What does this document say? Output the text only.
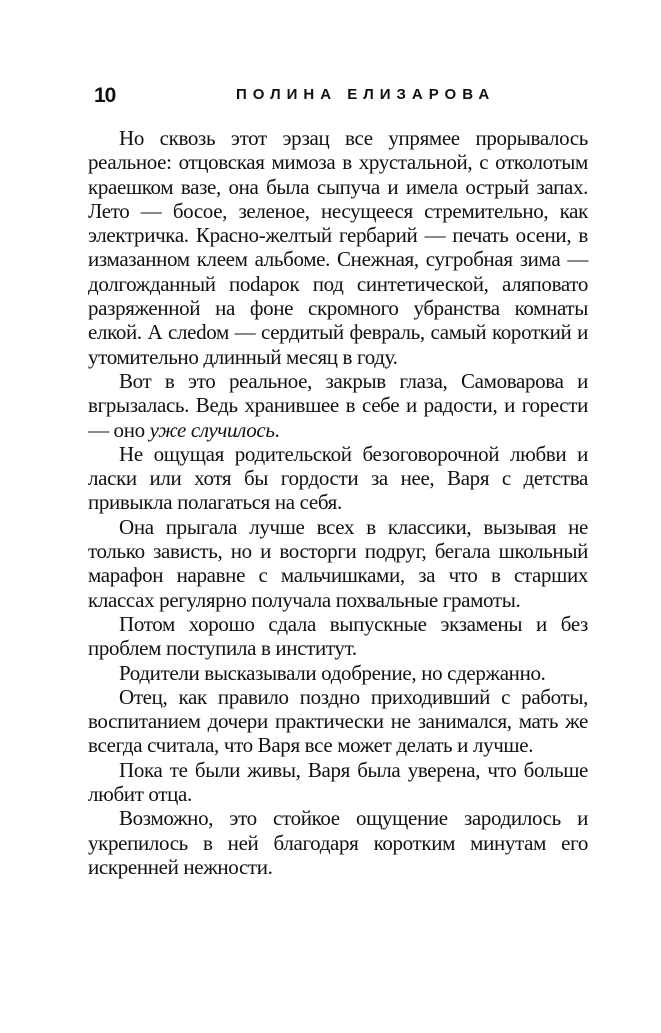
10	ПОЛИНА ЕЛИЗАРОВА

Но сквозь этот эрзац все упрямее прорывалось реальное: отцовская мимоза в хрустальной, с отколотым краешком вазе, она была сыпуча и имела острый запах. Лето — босое, зеленое, несущееся стремительно, как электричка. Красно-желтый гербарий — печать осени, в измазанном клеем альбоме. Снежная, сугробная зима — долгожданный поdарок под синтетической, аляповато разряженной на фоне скромного убранства комнаты елкой. А слеdом — сердитый февраль, самый короткий и утомительно длинный месяц в году.

Вот в это реальное, закрыв глаза, Самоварова и вгрызалась. Ведь хранившее в себе и радости, и горести — оно уже случилось.

Не ощущая родительской безоговорочной любви и ласки или хотя бы гордости за нее, Варя с детства привыкла полагаться на себя.

Она прыгала лучше всех в классики, вызывая не только зависть, но и восторги подруг, бегала школьный марафон наравне с мальчишками, за что в старших классах регулярно получала похвальные грамоты.

Потом хорошо сдала выпускные экзамены и без проблем поступила в институт.

Родители высказывали одобрение, но сдержанно.

Отец, как правило поздно приходивший с работы, воспитанием дочери практически не занимался, мать же всегда считала, что Варя все может делать и лучше.

Пока те были живы, Варя была уверена, что больше любит отца.

Возможно, это стойкое ощущение зародилось и укрепилось в ней благодаря коротким минутам его искренней нежности.
